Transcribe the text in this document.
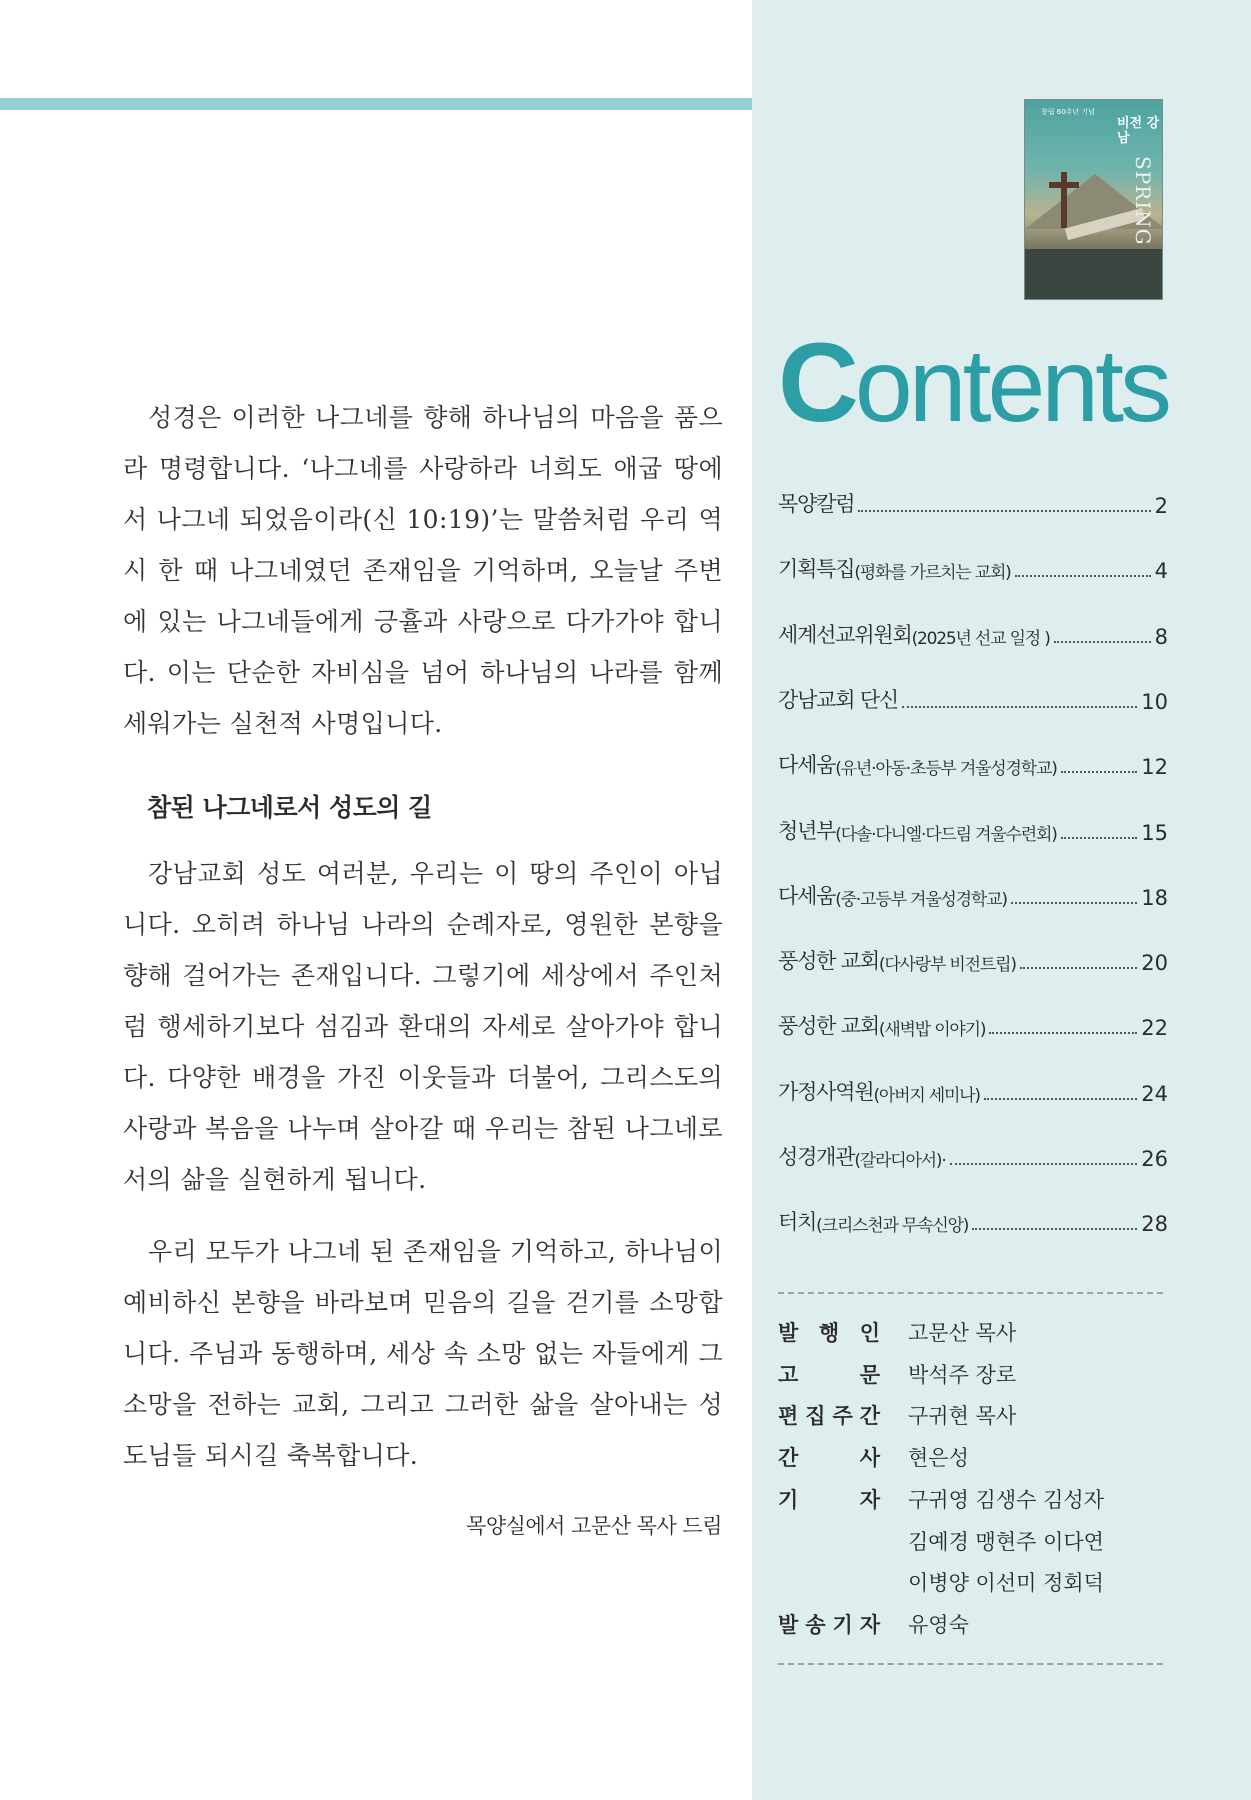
창립 60주년 기념
비전 강남
SPRING

성경은 이러한 나그네를 향해 하나님의 마음을 품으라 명령합니다. ‘나그네를 사랑하라 너희도 애굽 땅에서 나그네 되었음이라(신 10:19)’는 말씀처럼 우리 역시 한 때 나그네였던 존재임을 기억하며, 오늘날 주변에 있는 나그네들에게 긍휼과 사랑으로 다가가야 합니다. 이는 단순한 자비심을 넘어 하나님의 나라를 함께 세워가는 실천적 사명입니다.

참된 나그네로서 성도의 길

강남교회 성도 여러분, 우리는 이 땅의 주인이 아닙니다. 오히려 하나님 나라의 순례자로, 영원한 본향을 향해 걸어가는 존재입니다. 그렇기에 세상에서 주인처럼 행세하기보다 섬김과 환대의 자세로 살아가야 합니다. 다양한 배경을 가진 이웃들과 더불어, 그리스도의 사랑과 복음을 나누며 살아갈 때 우리는 참된 나그네로서의 삶을 실현하게 됩니다.

우리 모두가 나그네 된 존재임을 기억하고, 하나님이 예비하신 본향을 바라보며 믿음의 길을 걷기를 소망합니다. 주님과 동행하며, 세상 속 소망 없는 자들에게 그 소망을 전하는 교회, 그리고 그러한 삶을 살아내는 성도님들 되시길 축복합니다.

목양실에서 고문산 목사 드림
Contents
목양칼럼	2
기획특집 (평화를 가르치는 교회)	4
세계선교위원회 (2025년 선교 일정 )	8
강남교회 단신	10
다세움 (유년·아동·초등부 겨울성경학교)	12
청년부 (다솔·다니엘·다드림 겨울수련회)	15
다세움 (중·고등부 겨울성경학교)	18
풍성한 교회 (다사랑부 비전트립)	20
풍성한 교회 (새벽밥 이야기)	22
가정사역원 (아버지 세미나)	24
성경개관 (갈라디아서)·	26
터치 (크리스천과 무속신앙)	28
발 행 인 고문산 목사
고	문 박석주 장로
편 집 주 간 구귀현 목사
간	사 현은성
기	자 구귀영 김생수 김성자
김예경 맹현주 이다연
이병양 이선미 정회덕
발 송 기 자 유영숙
